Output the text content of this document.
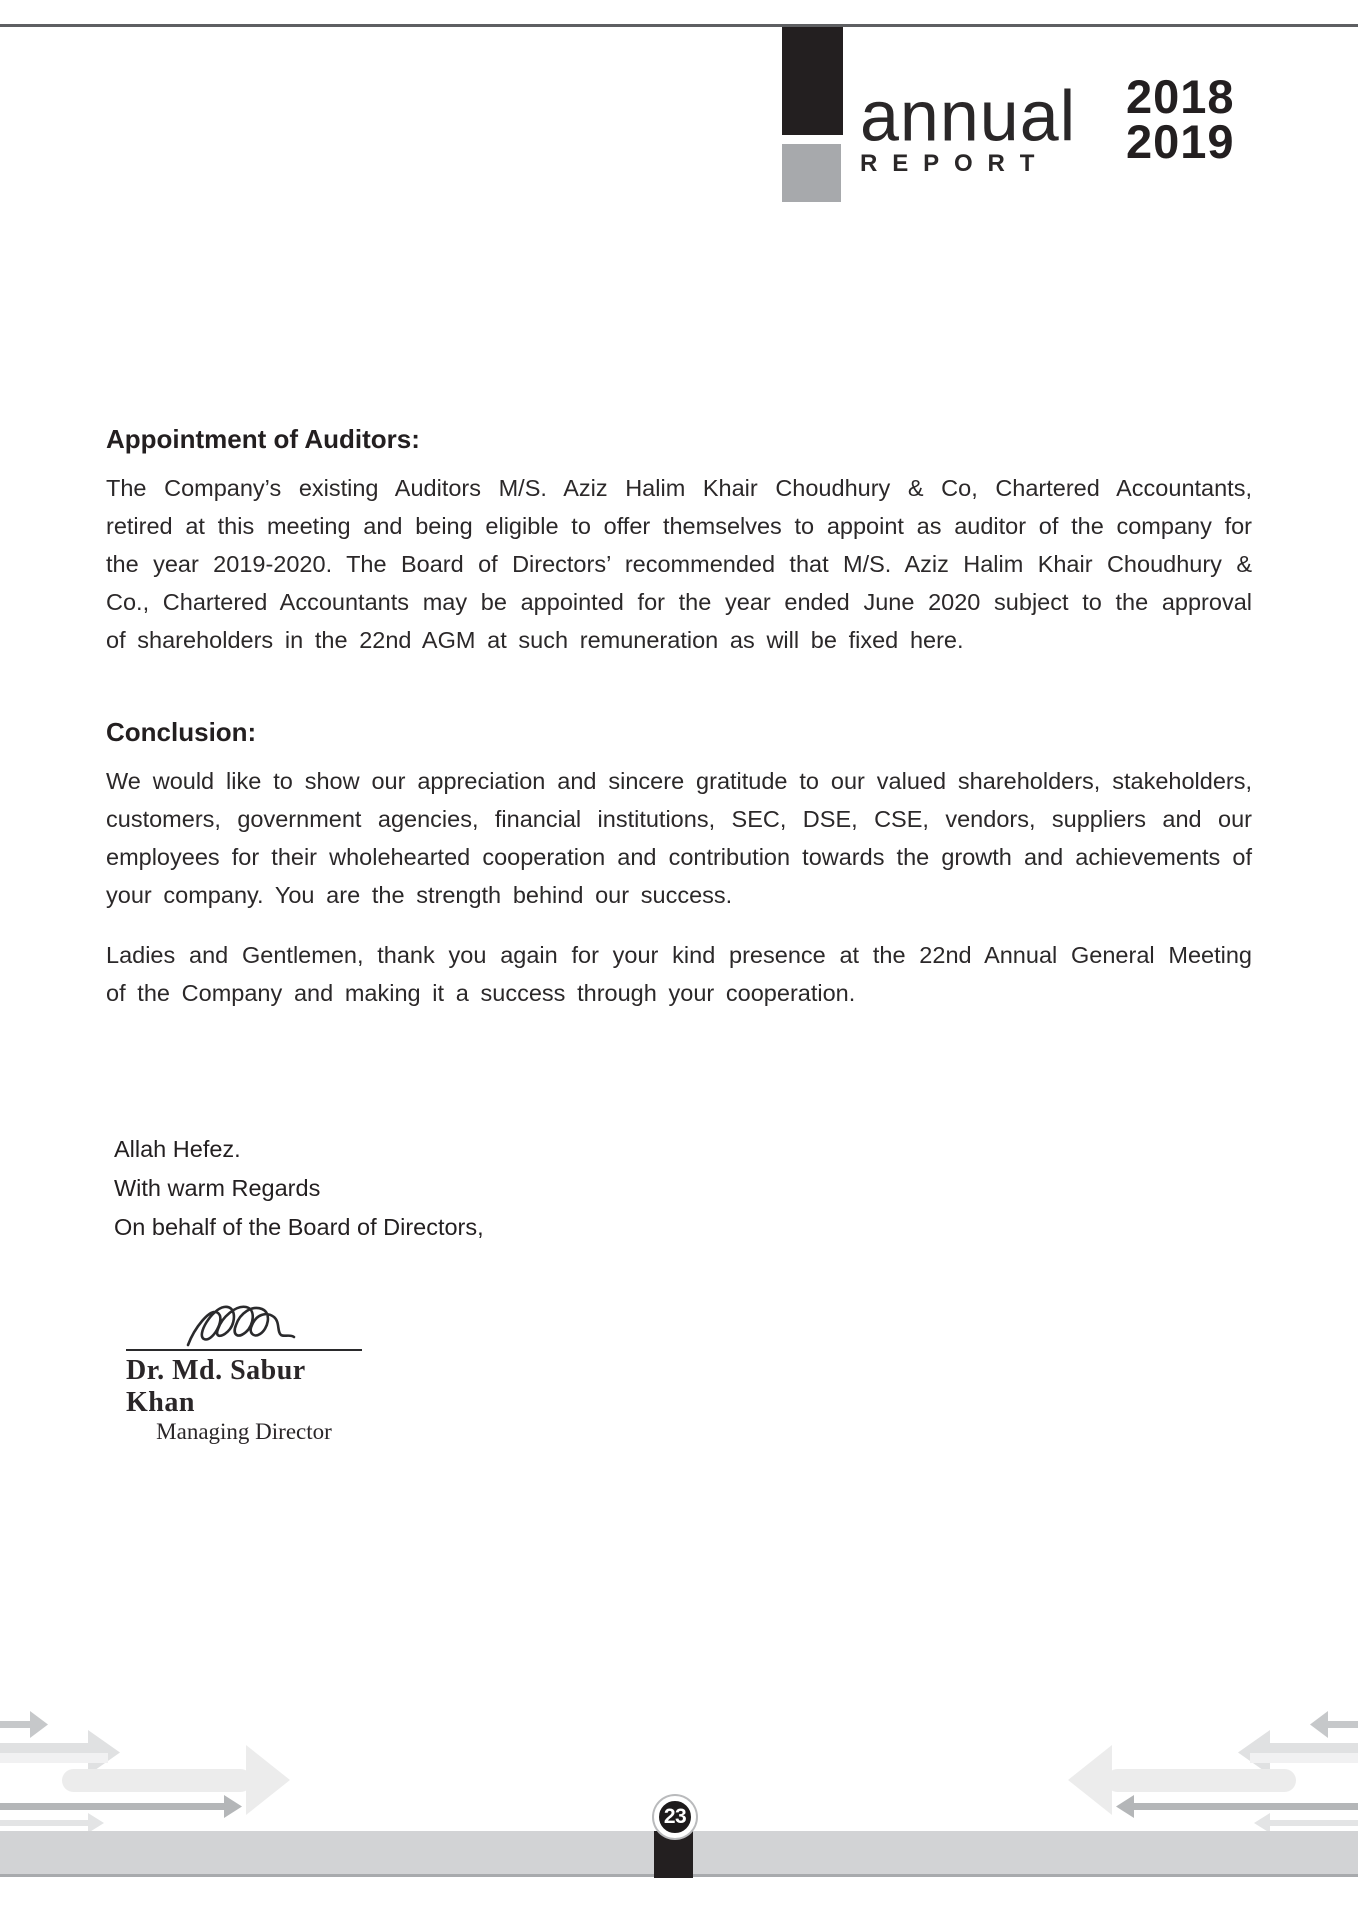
annual
REPORT
2018
2019
Appointment of Auditors:

The Company’s existing Auditors M/S. Aziz Halim Khair Choudhury & Co, Chartered Accountants, retired at this meeting and being eligible to offer themselves to appoint as auditor of the company for the year 2019-2020. The Board of Directors’ recommended that M/S. Aziz Halim Khair Choudhury & Co., Chartered Accountants may be appointed for the year ended June 2020 subject to the approval of shareholders in the 22nd AGM at such remuneration as will be fixed here.

Conclusion:

We would like to show our appreciation and sincere gratitude to our valued shareholders, stakeholders, customers, government agencies, financial institutions, SEC, DSE, CSE, vendors, suppliers and our employees for their wholehearted cooperation and contribution towards the growth and achievements of your company. You are the strength behind our success.

Ladies and Gentlemen, thank you again for your kind presence at the 22nd Annual General Meeting of the Company and making it a success through your cooperation.

Allah Hefez.
With warm Regards
On behalf of the Board of Directors,
Dr. Md. Sabur Khan
Managing Director
23
